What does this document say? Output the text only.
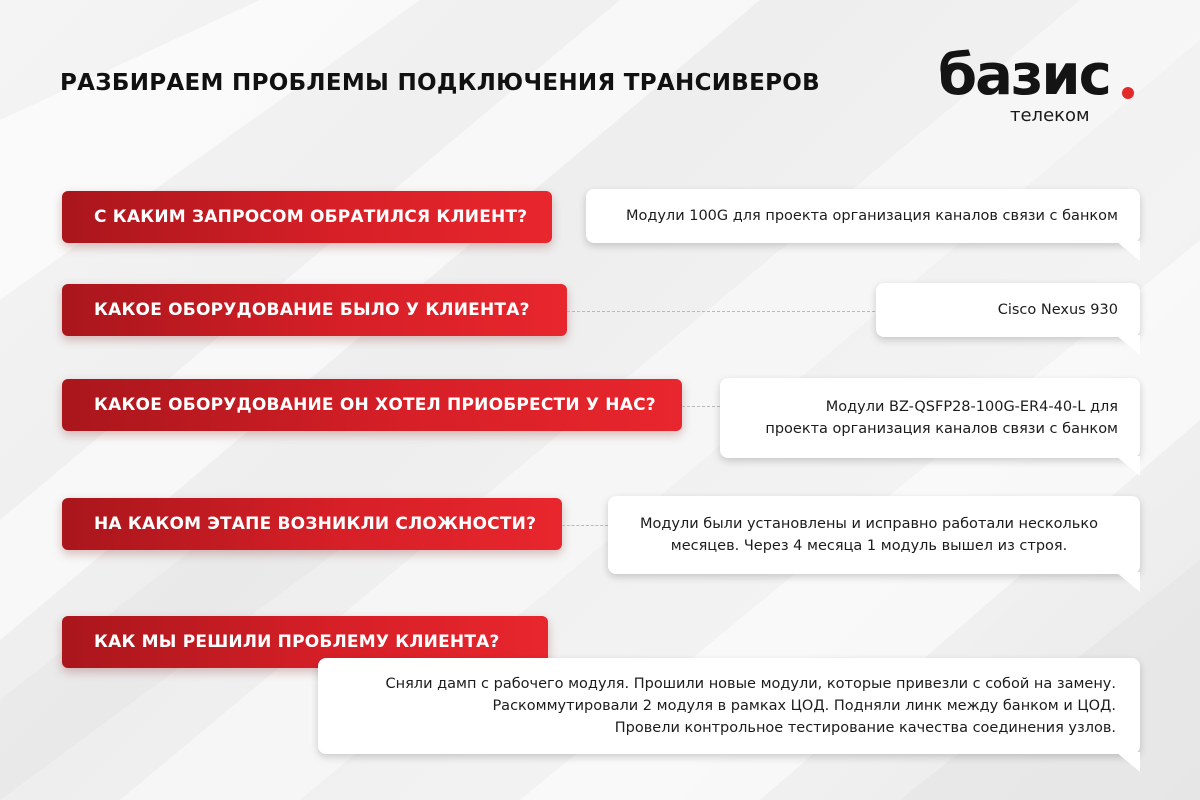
РАЗБИРАЕМ ПРОБЛЕМЫ ПОДКЛЮЧЕНИЯ ТРАНСИВЕРОВ базис
телеком
С КАКИМ ЗАПРОСОМ ОБРАТИЛСЯ КЛИЕНТ?	Модули 100G для проекта организация каналов связи с банком
КАКОЕ ОБОРУДОВАНИЕ БЫЛО У КЛИЕНТА?	Cisco Nexus 930
КАКОЕ ОБОРУДОВАНИЕ ОН ХОТЕЛ ПРИОБРЕСТИ У НАС?	Модули BZ-QSFP28-100G-ER4-40-L для
проекта организация каналов связи с банком
НА КАКОМ ЭТАПЕ ВОЗНИКЛИ СЛОЖНОСТИ?	Модули были установлены и исправно работали несколько
месяцев. Через 4 месяца 1 модуль вышел из строя.
КАК МЫ РЕШИЛИ ПРОБЛЕМУ КЛИЕНТА?
Сняли дамп с рабочего модуля. Прошили новые модули, которые привезли с собой на замену.
Раскоммутировали 2 модуля в рамках ЦОД. Подняли линк между банком и ЦОД.
Провели контрольное тестирование качества соединения узлов.
